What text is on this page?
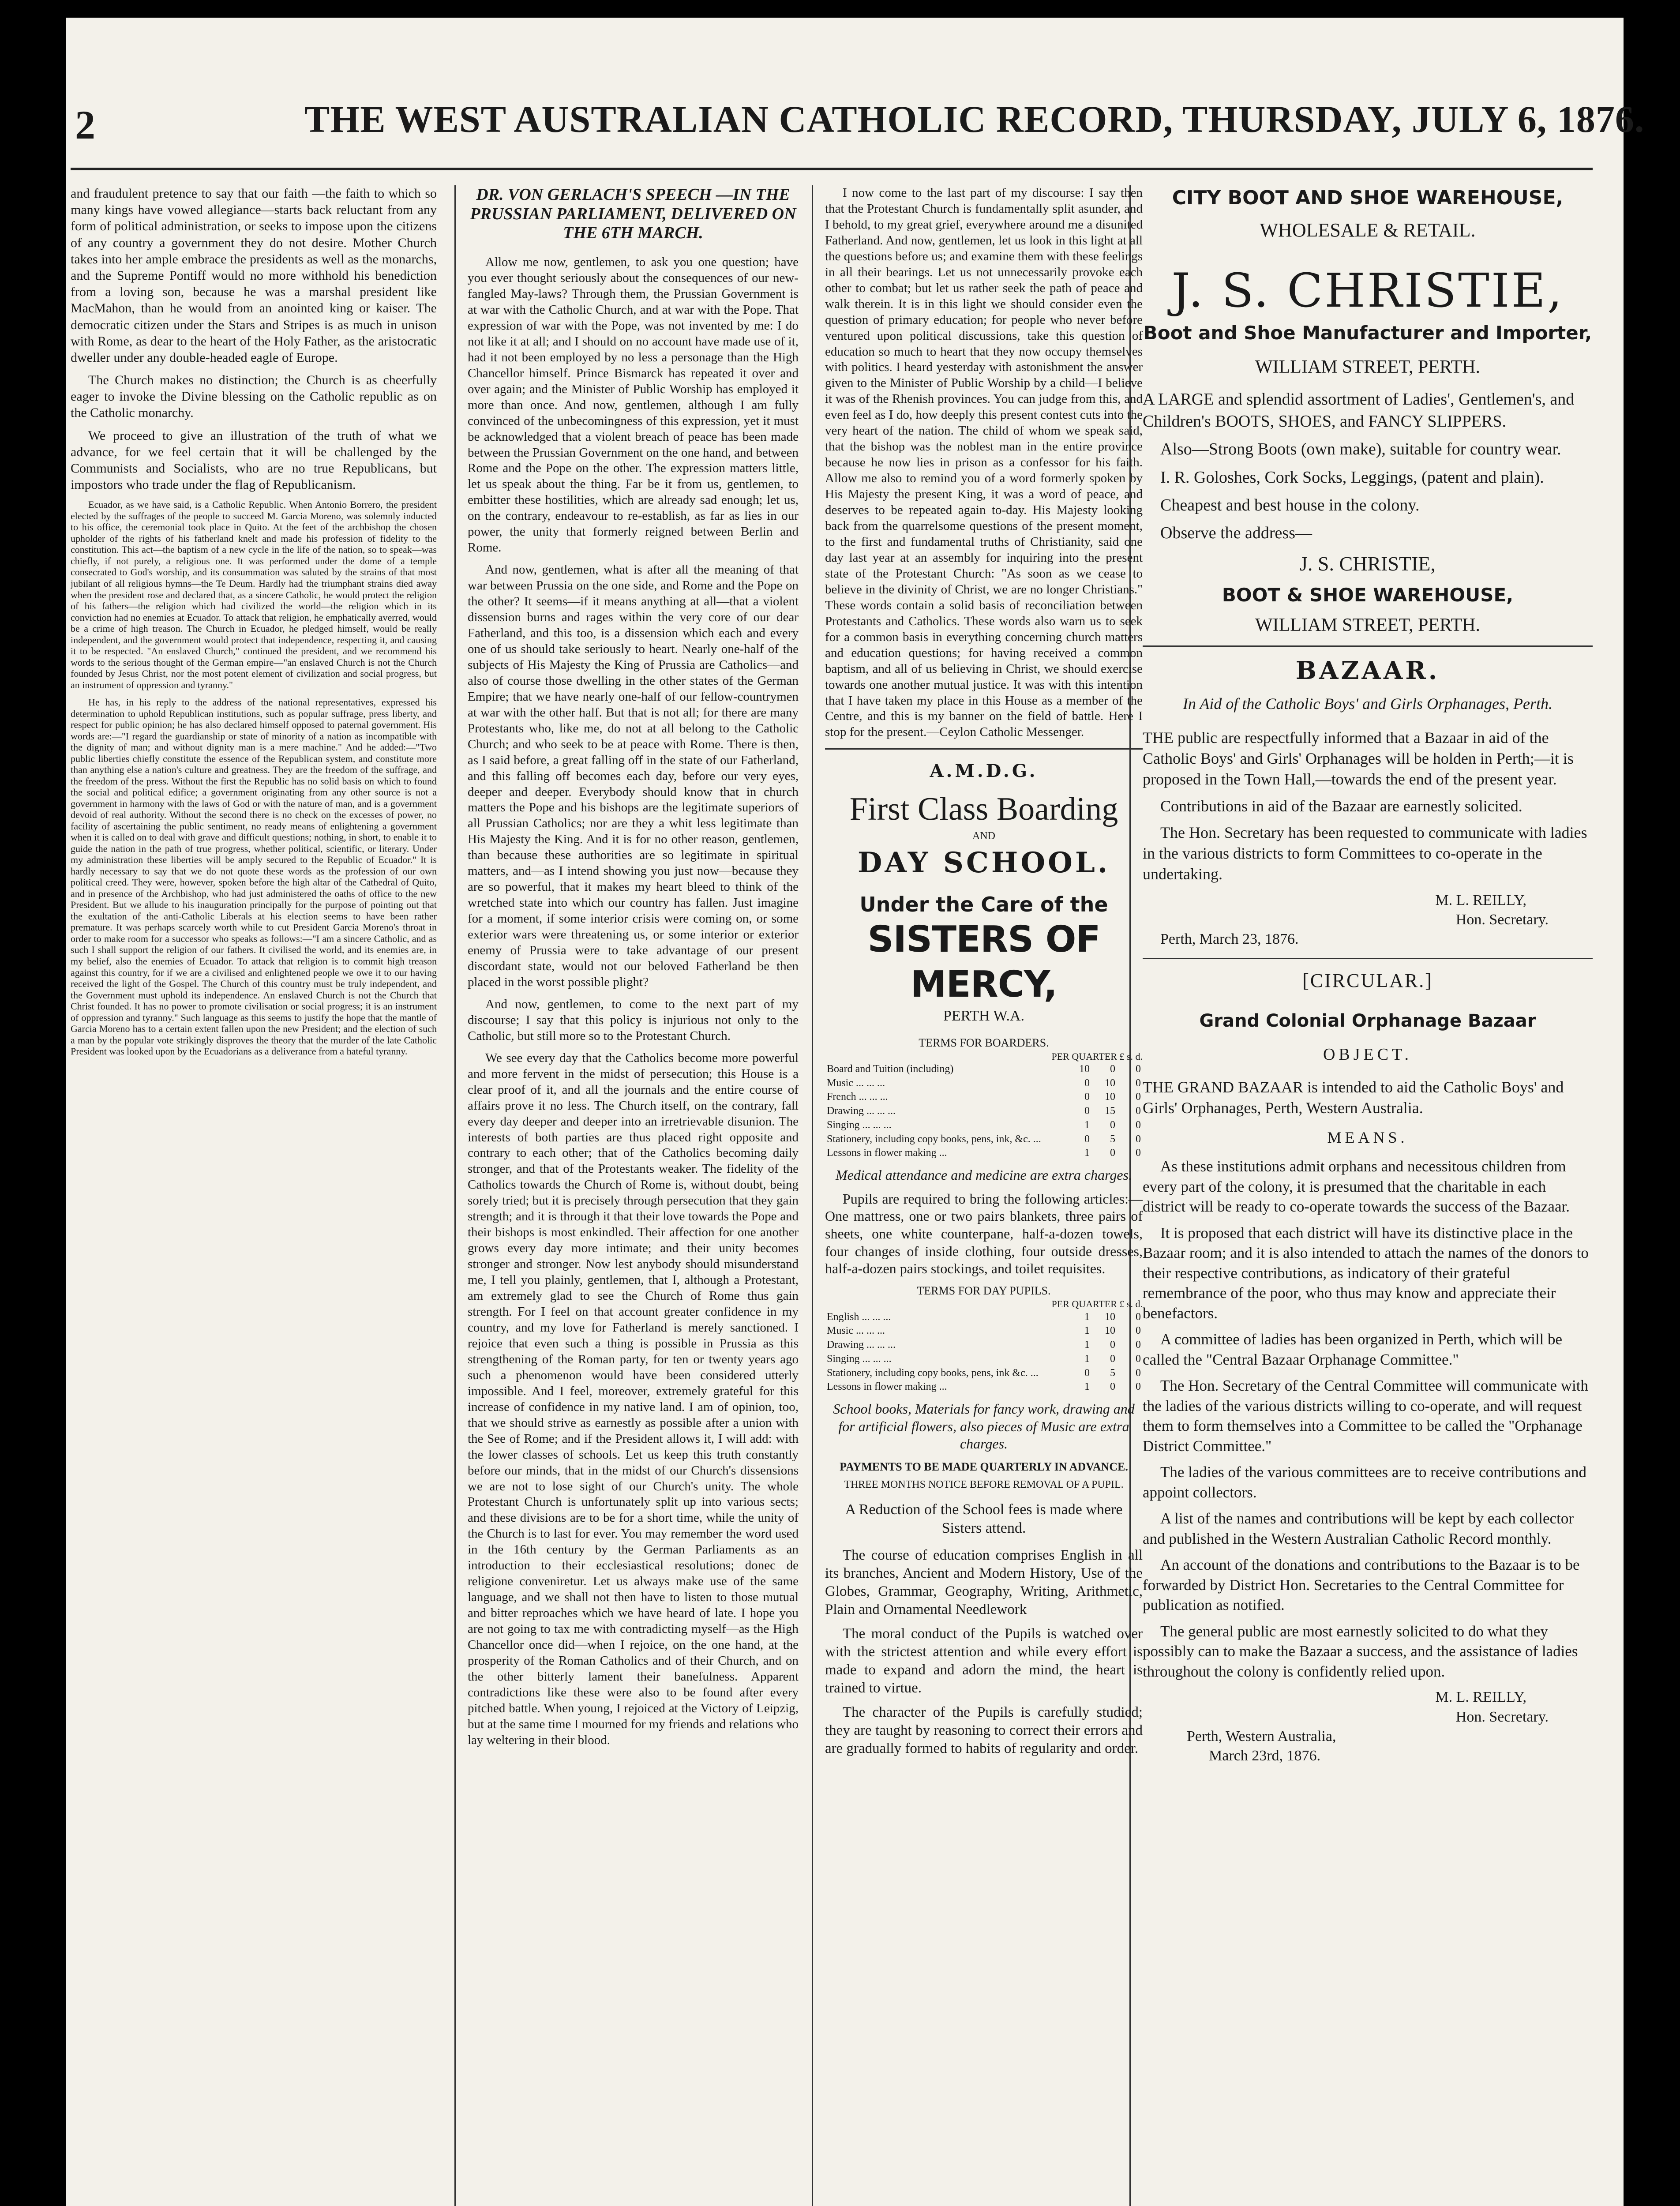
2	THE WEST AUSTRALIAN CATHOLIC RECORD, THURSDAY, JULY 6, 1876.

and fraudulent pretence to say that our faith —the faith to which so many kings have vowed allegiance—starts back reluctant from any form of political administration, or seeks to impose upon the citizens of any country a government they do not desire. Mother Church takes into her ample embrace the presidents as well as the monarchs, and the Supreme Pontiff would no more withhold his benediction from a loving son, because he was a marshal president like MacMahon, than he would from an anointed king or kaiser. The democratic citizen under the Stars and Stripes is as much in unison with Rome, as dear to the heart of the Holy Father, as the aristocratic dweller under any double-headed eagle of Europe.

The Church makes no distinction; the Church is as cheerfully eager to invoke the Divine blessing on the Catholic republic as on the Catholic monarchy.

We proceed to give an illustration of the truth of what we advance, for we feel certain that it will be challenged by the Communists and Socialists, who are no true Republicans, but impostors who trade under the flag of Republicanism.

Ecuador, as we have said, is a Catholic Republic. When Antonio Borrero, the president elected by the suffrages of the people to succeed M. Garcia Moreno, was solemnly inducted to his office, the ceremonial took place in Quito. At the feet of the archbishop the chosen upholder of the rights of his fatherland knelt and made his profession of fidelity to the constitution. This act—the baptism of a new cycle in the life of the nation, so to speak—was chiefly, if not purely, a religious one. It was performed under the dome of a temple consecrated to God's worship, and its consummation was saluted by the strains of that most jubilant of all religious hymns—the Te Deum. Hardly had the triumphant strains died away when the president rose and declared that, as a sincere Catholic, he would protect the religion of his fathers—the religion which had civilized the world—the religion which in its conviction had no enemies at Ecuador. To attack that religion, he emphatically averred, would be a crime of high treason. The Church in Ecuador, he pledged himself, would be really independent, and the government would protect that independence, respecting it, and causing it to be respected. "An enslaved Church," continued the president, and we recommend his words to the serious thought of the German empire—"an enslaved Church is not the Church founded by Jesus Christ, nor the most potent element of civilization and social progress, but an instrument of oppression and tyranny."

He has, in his reply to the address of the national representatives, expressed his determination to uphold Republican institutions, such as popular suffrage, press liberty, and respect for public opinion; he has also declared himself opposed to paternal government. His words are:—"I regard the guardianship or state of minority of a nation as incompatible with the dignity of man; and without dignity man is a mere machine." And he added:—"Two public liberties chiefly constitute the essence of the Republican system, and constitute more than anything else a nation's culture and greatness. They are the freedom of the suffrage, and the freedom of the press. Without the first the Republic has no solid basis on which to found the social and political edifice; a government originating from any other source is not a government in harmony with the laws of God or with the nature of man, and is a government devoid of real authority. Without the second there is no check on the excesses of power, no facility of ascertaining the public sentiment, no ready means of enlightening a government when it is called on to deal with grave and difficult questions; nothing, in short, to enable it to guide the nation in the path of true progress, whether political, scientific, or literary. Under my administration these liberties will be amply secured to the Republic of Ecuador." It is hardly necessary to say that we do not quote these words as the profession of our own political creed. They were, however, spoken before the high altar of the Cathedral of Quito, and in presence of the Archbishop, who had just administered the oaths of office to the new President. But we allude to his inauguration principally for the purpose of pointing out that the exultation of the anti-Catholic Liberals at his election seems to have been rather premature. It was perhaps scarcely worth while to cut President Garcia Moreno's throat in order to make room for a successor who speaks as follows:—"I am a sincere Catholic, and as such I shall support the religion of our fathers. It civilised the world, and its enemies are, in my belief, also the enemies of Ecuador. To attack that religion is to commit high treason against this country, for if we are a civilised and enlightened people we owe it to our having received the light of the Gospel. The Church of this country must be truly independent, and the Government must uphold its independence. An enslaved Church is not the Church that Christ founded. It has no power to promote civilisation or social progress; it is an instrument of oppression and tyranny." Such language as this seems to justify the hope that the mantle of Garcia Moreno has to a certain extent fallen upon the new President; and the election of such a man by the popular vote strikingly disproves the theory that the murder of the late Catholic President was looked upon by the Ecuadorians as a deliverance from a hateful tyranny.

DR. VON GERLACH'S SPEECH —IN THE PRUSSIAN PARLIAMENT, DELIVERED ON THE 6TH MARCH.

Allow me now, gentlemen, to ask you one question; have you ever thought seriously about the consequences of our new-fangled May-laws? Through them, the Prussian Government is at war with the Catholic Church, and at war with the Pope. That expression of war with the Pope, was not invented by me: I do not like it at all; and I should on no account have made use of it, had it not been employed by no less a personage than the High Chancellor himself. Prince Bismarck has repeated it over and over again; and the Minister of Public Worship has employed it more than once. And now, gentlemen, although I am fully convinced of the unbecomingness of this expression, yet it must be acknowledged that a violent breach of peace has been made between the Prussian Government on the one hand, and between Rome and the Pope on the other. The expression matters little, let us speak about the thing. Far be it from us, gentlemen, to embitter these hostilities, which are already sad enough; let us, on the contrary, endeavour to re-establish, as far as lies in our power, the unity that formerly reigned between Berlin and Rome.

And now, gentlemen, what is after all the meaning of that war between Prussia on the one side, and Rome and the Pope on the other? It seems—if it means anything at all—that a violent dissension burns and rages within the very core of our dear Fatherland, and this too, is a dissension which each and every one of us should take seriously to heart. Nearly one-half of the subjects of His Majesty the King of Prussia are Catholics—and also of course those dwelling in the other states of the German Empire; that we have nearly one-half of our fellow-countrymen at war with the other half. But that is not all; for there are many Protestants who, like me, do not at all belong to the Catholic Church; and who seek to be at peace with Rome. There is then, as I said before, a great falling off in the state of our Fatherland, and this falling off becomes each day, before our very eyes, deeper and deeper. Everybody should know that in church matters the Pope and his bishops are the legitimate superiors of all Prussian Catholics; nor are they a whit less legitimate than His Majesty the King. And it is for no other reason, gentlemen, than because these authorities are so legitimate in spiritual matters, and—as I intend showing you just now—because they are so powerful, that it makes my heart bleed to think of the wretched state into which our country has fallen. Just imagine for a moment, if some interior crisis were coming on, or some exterior wars were threatening us, or some interior or exterior enemy of Prussia were to take advantage of our present discordant state, would not our beloved Fatherland be then placed in the worst possible plight?

And now, gentlemen, to come to the next part of my discourse; I say that this policy is injurious not only to the Catholic, but still more so to the Protestant Church.

We see every day that the Catholics become more powerful and more fervent in the midst of persecution; this House is a clear proof of it, and all the journals and the entire course of affairs prove it no less. The Church itself, on the contrary, fall every day deeper and deeper into an irretrievable disunion. The interests of both parties are thus placed right opposite and contrary to each other; that of the Catholics becoming daily stronger, and that of the Protestants weaker. The fidelity of the Catholics towards the Church of Rome is, without doubt, being sorely tried; but it is precisely through persecution that they gain strength; and it is through it that their love towards the Pope and their bishops is most enkindled. Their affection for one another grows every day more intimate; and their unity becomes stronger and stronger. Now lest anybody should misunderstand me, I tell you plainly, gentlemen, that I, although a Protestant, am extremely glad to see the Church of Rome thus gain strength. For I feel on that account greater confidence in my country, and my love for Fatherland is merely sanctioned. I rejoice that even such a thing is possible in Prussia as this strengthening of the Roman party, for ten or twenty years ago such a phenomenon would have been considered utterly impossible. And I feel, moreover, extremely grateful for this increase of confidence in my native land. I am of opinion, too, that we should strive as earnestly as possible after a union with the See of Rome; and if the President allows it, I will add: with the lower classes of schools. Let us keep this truth constantly before our minds, that in the midst of our Church's dissensions we are not to lose sight of our Church's unity. The whole Protestant Church is unfortunately split up into various sects; and these divisions are to be for a short time, while the unity of the Church is to last for ever. You may remember the word used in the 16th century by the German Parliaments as an introduction to their ecclesiastical resolutions; donec de religione conveniretur. Let us always make use of the same language, and we shall not then have to listen to those mutual and bitter reproaches which we have heard of late. I hope you are not going to tax me with contradicting myself—as the High Chancellor once did—when I rejoice, on the one hand, at the prosperity of the Roman Catholics and of their Church, and on the other bitterly lament their banefulness. Apparent contradictions like these were also to be found after every pitched battle. When young, I rejoiced at the Victory of Leipzig, but at the same time I mourned for my friends and relations who lay weltering in their blood.

I now come to the last part of my discourse: I say then that the Protestant Church is fundamentally split asunder, and I behold, to my great grief, everywhere around me a disunited Fatherland. And now, gentlemen, let us look in this light at all the questions before us; and examine them with these feelings in all their bearings. Let us not unnecessarily provoke each other to combat; but let us rather seek the path of peace and walk therein. It is in this light we should consider even the question of primary education; for people who never before ventured upon political discussions, take this question of education so much to heart that they now occupy themselves with politics. I heard yesterday with astonishment the answer given to the Minister of Public Worship by a child—I believe it was of the Rhenish provinces. You can judge from this, and even feel as I do, how deeply this present contest cuts into the very heart of the nation. The child of whom we speak said, that the bishop was the noblest man in the entire province because he now lies in prison as a confessor for his faith. Allow me also to remind you of a word formerly spoken by His Majesty the present King, it was a word of peace, and deserves to be repeated again to-day. His Majesty looking back from the quarrelsome questions of the present moment, to the first and fundamental truths of Christianity, said one day last year at an assembly for inquiring into the present state of the Protestant Church: "As soon as we cease to believe in the divinity of Christ, we are no longer Christians." These words contain a solid basis of reconciliation between Protestants and Catholics. These words also warn us to seek for a common basis in everything concerning church matters and education questions; for having received a common baptism, and all of us believing in Christ, we should exercise towards one another mutual justice. It was with this intention that I have taken my place in this House as a member of the Centre, and this is my banner on the field of battle. Here I stop for the present.—Ceylon Catholic Messenger.

A.M.D.G.
First Class Boarding
AND
DAY SCHOOL.
Under the Care of the
SISTERS OF MERCY,
PERTH W.A.
TERMS FOR BOARDERS.
PER QUARTER £ s. d.
Board and Tuition (including)	10	0	0
Music ... ... ...	0	10	0
French ... ... ...	0	10	0
Drawing ... ... ...	0	15	0
Singing ... ... ...	1	0	0
Stationery, including copy books, pens, ink, &c. ...	0	5	0
Lessons in flower making ...	1	0	0
Medical attendance and medicine are extra charges.

Pupils are required to bring the following articles:—One mattress, one or two pairs blankets, three pairs of sheets, one white counterpane, half-a-dozen towels, four changes of inside clothing, four outside dresses, half-a-dozen pairs stockings, and toilet requisites.

TERMS FOR DAY PUPILS.
PER QUARTER £ s. d.
English ... ... ...	1	10	0
Music ... ... ...	1	10	0
Drawing ... ... ...	1	0	0
Singing ... ... ...	1	0	0
Stationery, including copy books, pens, ink &c. ...	0	5	0
Lessons in flower making ...	1	0	0
School books, Materials for fancy work, drawing and for artificial flowers, also pieces of Music are extra charges.
PAYMENTS TO BE MADE QUARTERLY IN ADVANCE.
THREE MONTHS NOTICE BEFORE REMOVAL OF A PUPIL.
A Reduction of the School fees is made where Sisters attend.

The course of education comprises English in all its branches, Ancient and Modern History, Use of the Globes, Grammar, Geography, Writing, Arithmetic, Plain and Ornamental Needlework

The moral conduct of the Pupils is watched over with the strictest attention and while every effort is made to expand and adorn the mind, the heart is trained to virtue.

The character of the Pupils is carefully studied; they are taught by reasoning to correct their errors and are gradually formed to habits of regularity and order.

CITY BOOT AND SHOE WAREHOUSE,
WHOLESALE & RETAIL.
J. S. CHRISTIE,
Boot and Shoe Manufacturer and Importer,
WILLIAM STREET, PERTH.

A LARGE and splendid assortment of Ladies', Gentlemen's, and Children's BOOTS, SHOES, and FANCY SLIPPERS.

Also—Strong Boots (own make), suitable for country wear.

I. R. Goloshes, Cork Socks, Leggings, (patent and plain).

Cheapest and best house in the colony.

Observe the address—

J. S. CHRISTIE,
BOOT & SHOE WAREHOUSE,
WILLIAM STREET, PERTH.
BAZAAR.
In Aid of the Catholic Boys' and Girls Orphanages, Perth.

THE public are respectfully informed that a Bazaar in aid of the Catholic Boys' and Girls' Orphanages will be holden in Perth;—it is proposed in the Town Hall,—towards the end of the present year.

Contributions in aid of the Bazaar are earnestly solicited.

The Hon. Secretary has been requested to communicate with ladies in the various districts to form Committees to co-operate in the undertaking.

M. L. REILLY,
Hon. Secretary.
Perth, March 23, 1876.
[CIRCULAR.]
Grand Colonial Orphanage Bazaar
OBJECT.

THE GRAND BAZAAR is intended to aid the Catholic Boys' and Girls' Orphanages, Perth, Western Australia.

MEANS.

As these institutions admit orphans and necessitous children from every part of the colony, it is presumed that the charitable in each district will be ready to co-operate towards the success of the Bazaar.

It is proposed that each district will have its distinctive place in the Bazaar room; and it is also intended to attach the names of the donors to their respective contributions, as indicatory of their grateful remembrance of the poor, who thus may know and appreciate their benefactors.

A committee of ladies has been organized in Perth, which will be called the "Central Bazaar Orphanage Committee."

The Hon. Secretary of the Central Committee will communicate with the ladies of the various districts willing to co-operate, and will request them to form themselves into a Committee to be called the "Orphanage District Committee."

The ladies of the various committees are to receive contributions and appoint collectors.

A list of the names and contributions will be kept by each collector and published in the Western Australian Catholic Record monthly.

An account of the donations and contributions to the Bazaar is to be forwarded by District Hon. Secretaries to the Central Committee for publication as notified.

The general public are most earnestly solicited to do what they possibly can to make the Bazaar a success, and the assistance of ladies throughout the colony is confidently relied upon.

M. L. REILLY,
Hon. Secretary.
Perth, Western Australia,
March 23rd, 1876.
